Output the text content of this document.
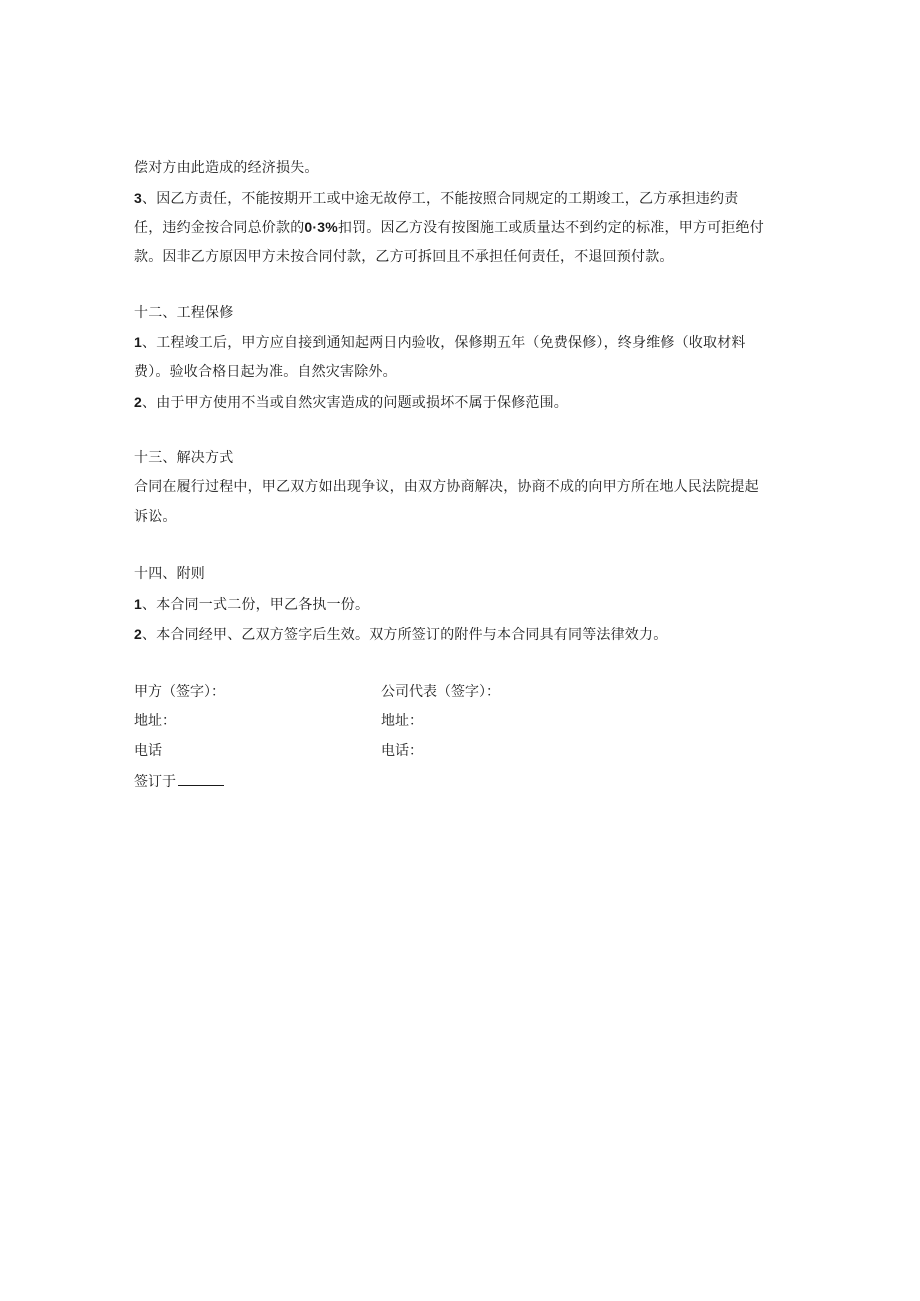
偿对方由此造成的经济损失。
3、因乙方责任，不能按期开工或中途无故停工，不能按照合同规定的工期竣工，乙方承担违约责
任，违约金按合同总价款的0·3%扣罚。因乙方没有按图施工或质量达不到约定的标准，甲方可拒绝付
款。因非乙方原因甲方未按合同付款，乙方可拆回且不承担任何责任，不退回预付款。
十二、工程保修
1、工程竣工后，甲方应自接到通知起两日内验收，保修期五年（免费保修），终身维修（收取材料
费）。验收合格日起为准。自然灾害除外。
2、由于甲方使用不当或自然灾害造成的问题或损坏不属于保修范围。
十三、解决方式
合同在履行过程中，甲乙双方如出现争议，由双方协商解决，协商不成的向甲方所在地人民法院提起
诉讼。
十四、附则
1、本合同一式二份，甲乙各执一份。
2、本合同经甲、乙双方签字后生效。双方所签订的附件与本合同具有同等法律效力。
甲方（签字）：	公司代表（签字）：
地址：	地址：
电话	电话：
签订于
